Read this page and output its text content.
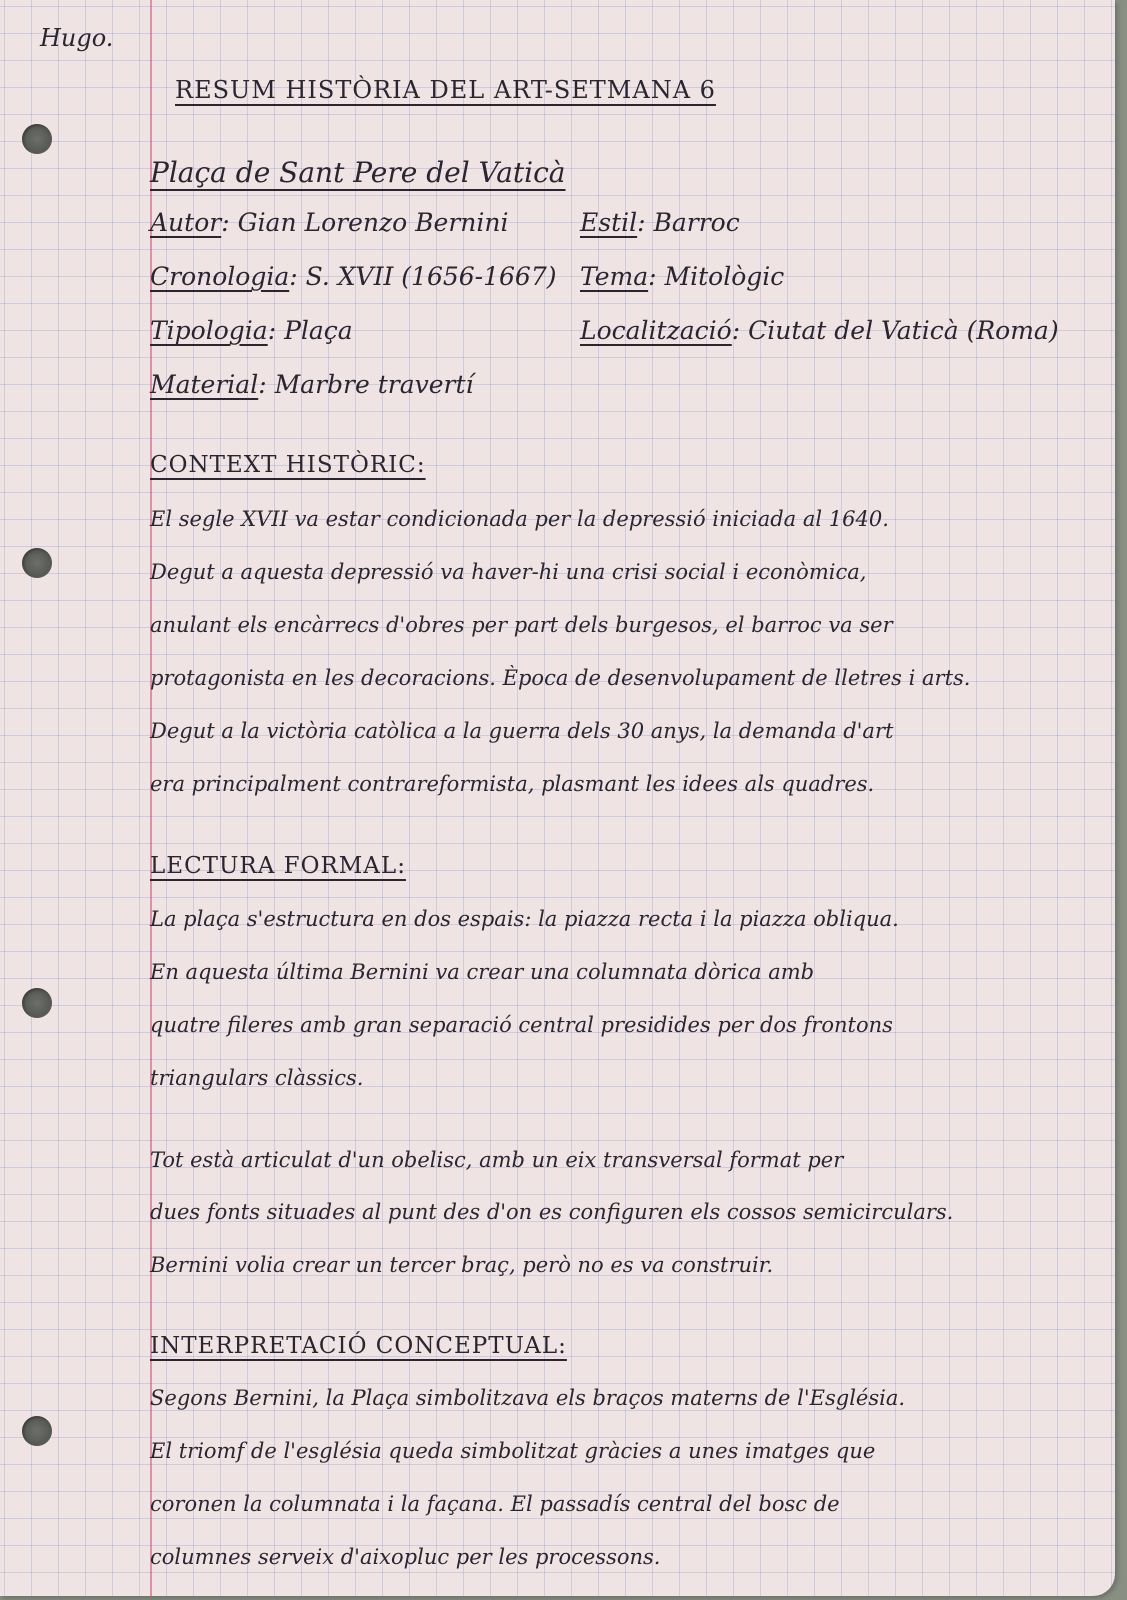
Hugo.
RESUM HISTÒRIA DEL ART-SETMANA 6
Plaça de Sant Pere del Vaticà
Autor: Gian Lorenzo Bernini	Estil: Barroc
Cronologia: S. XVII (1656-1667) Tema: Mitològic
Tipologia: Plaça	Localització: Ciutat del Vaticà (Roma)
Material: Marbre travertí
CONTEXT HISTÒRIC:
El segle XVII va estar condicionada per la depressió iniciada al 1640.
Degut a aquesta depressió va haver-hi una crisi social i econòmica,
anulant els encàrrecs d'obres per part dels burgesos, el barroc va ser
protagonista en les decoracions. Època de desenvolupament de lletres i arts.
Degut a la victòria catòlica a la guerra dels 30 anys, la demanda d'art
era principalment contrareformista, plasmant les idees als quadres.
LECTURA FORMAL:
La plaça s'estructura en dos espais: la piazza recta i la piazza obliqua.
En aquesta última Bernini va crear una columnata dòrica amb
quatre fileres amb gran separació central presidides per dos frontons
triangulars clàssics.
Tot està articulat d'un obelisc, amb un eix transversal format per
dues fonts situades al punt des d'on es configuren els cossos semicirculars.
Bernini volia crear un tercer braç, però no es va construir.
INTERPRETACIÓ CONCEPTUAL:
Segons Bernini, la Plaça simbolitzava els braços materns de l'Església.
El triomf de l'església queda simbolitzat gràcies a unes imatges que
coronen la columnata i la façana. El passadís central del bosc de
columnes serveix d'aixopluc per les processons.
